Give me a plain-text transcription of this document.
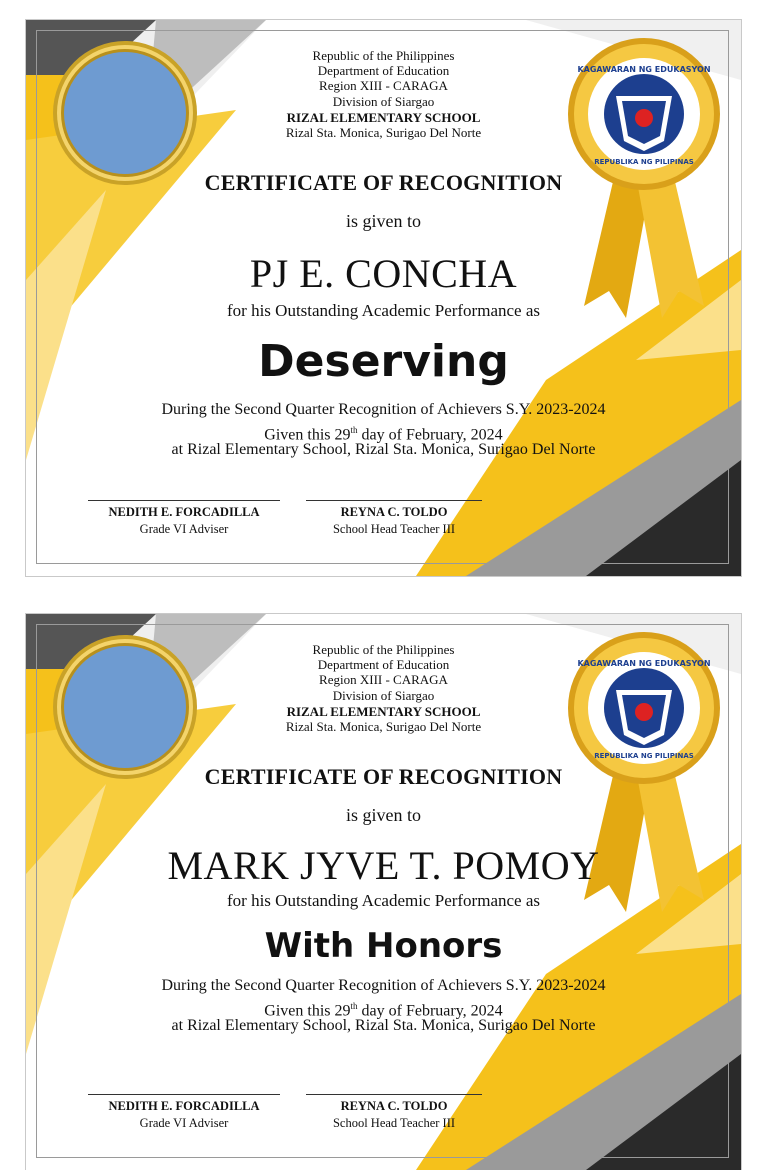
KAGAWARAN NG EDUKASYON
REPUBLIKA NG PILIPINAS
Republic of the Philippines
Department of Education
Region XIII - CARAGA
Division of Siargao
RIZAL ELEMENTARY SCHOOL
Rizal Sta. Monica, Surigao Del Norte
CERTIFICATE OF RECOGNITION
is given to
PJ E. CONCHA
for his Outstanding Academic Performance as
Deserving
During the Second Quarter Recognition of Achievers S.Y. 2023-2024
Given this 29th day of February, 2024
at Rizal Elementary School, Rizal Sta. Monica, Surigao Del Norte
NEDITH E. FORCADILLA
Grade VI Adviser
REYNA C. TOLDO
School Head Teacher III
KAGAWARAN NG EDUKASYON
REPUBLIKA NG PILIPINAS
Republic of the Philippines
Department of Education
Region XIII - CARAGA
Division of Siargao
RIZAL ELEMENTARY SCHOOL
Rizal Sta. Monica, Surigao Del Norte
CERTIFICATE OF RECOGNITION
is given to
MARK JYVE T. POMOY
for his Outstanding Academic Performance as
With Honors
During the Second Quarter Recognition of Achievers S.Y. 2023-2024
Given this 29th day of February, 2024
at Rizal Elementary School, Rizal Sta. Monica, Surigao Del Norte
NEDITH E. FORCADILLA
Grade VI Adviser
REYNA C. TOLDO
School Head Teacher III
